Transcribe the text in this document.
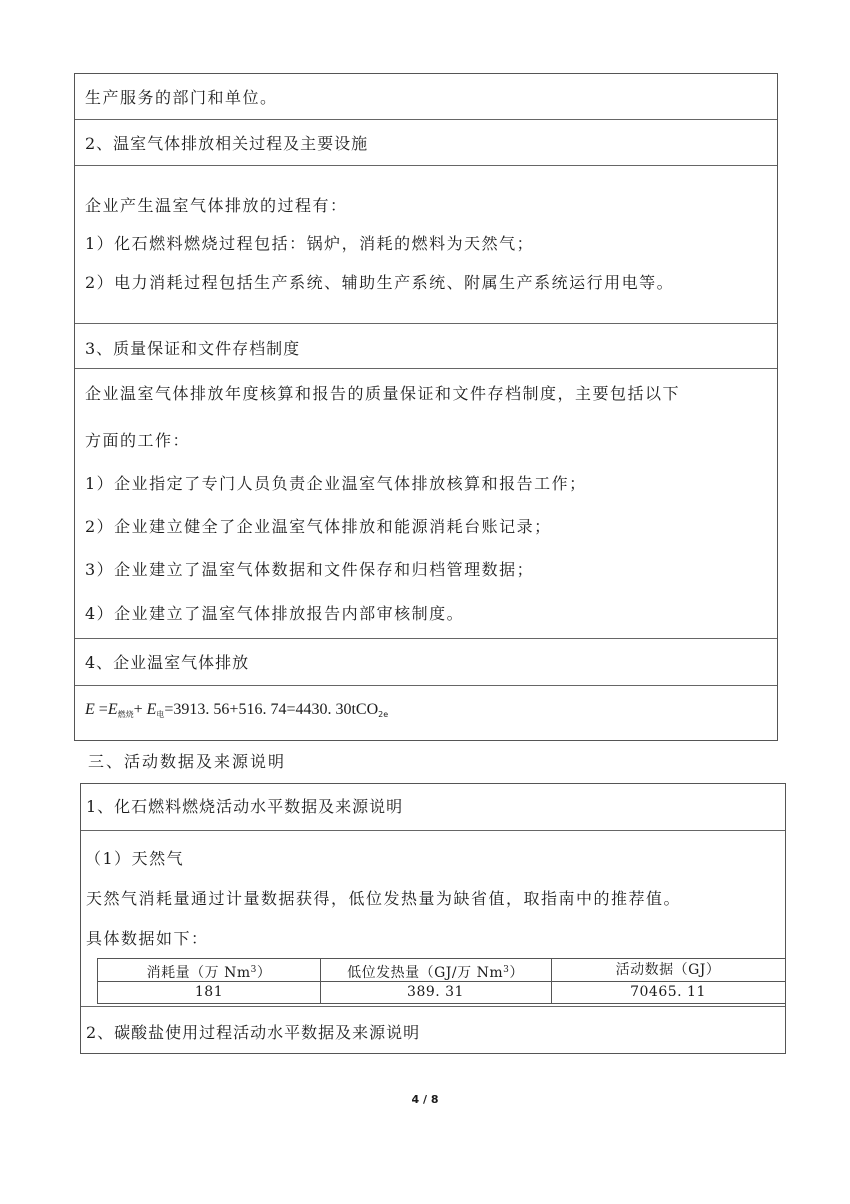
生产服务的部门和单位。
2、温室气体排放相关过程及主要设施
企业产生温室气体排放的过程有：
1）化石燃料燃烧过程包括：锅炉，消耗的燃料为天然气；
2）电力消耗过程包括生产系统、辅助生产系统、附属生产系统运行用电等。
3、质量保证和文件存档制度
企业温室气体排放年度核算和报告的质量保证和文件存档制度，主要包括以下
方面的工作：
1）企业指定了专门人员负责企业温室气体排放核算和报告工作；
2）企业建立健全了企业温室气体排放和能源消耗台账记录；
3）企业建立了温室气体数据和文件保存和归档管理数据；
4）企业建立了温室气体排放报告内部审核制度。
4、企业温室气体排放
$E =E_{燃烧}+ E_电=3913$. 56+516. 74=4430. 30tCO$_{2e}$
三、活动数据及来源说明
1、化石燃料燃烧活动水平数据及来源说明
（1）天然气
天然气消耗量通过计量数据获得，低位发热量为缺省值，取指南中的推荐值。
具体数据如下：
消耗量（万 Nm$^3$）	低位发热量（GJ/万 Nm$^3$）	活动数据（GJ）
181	389. 31	70465. 11
2、碳酸盐使用过程活动水平数据及来源说明
4 / 8
